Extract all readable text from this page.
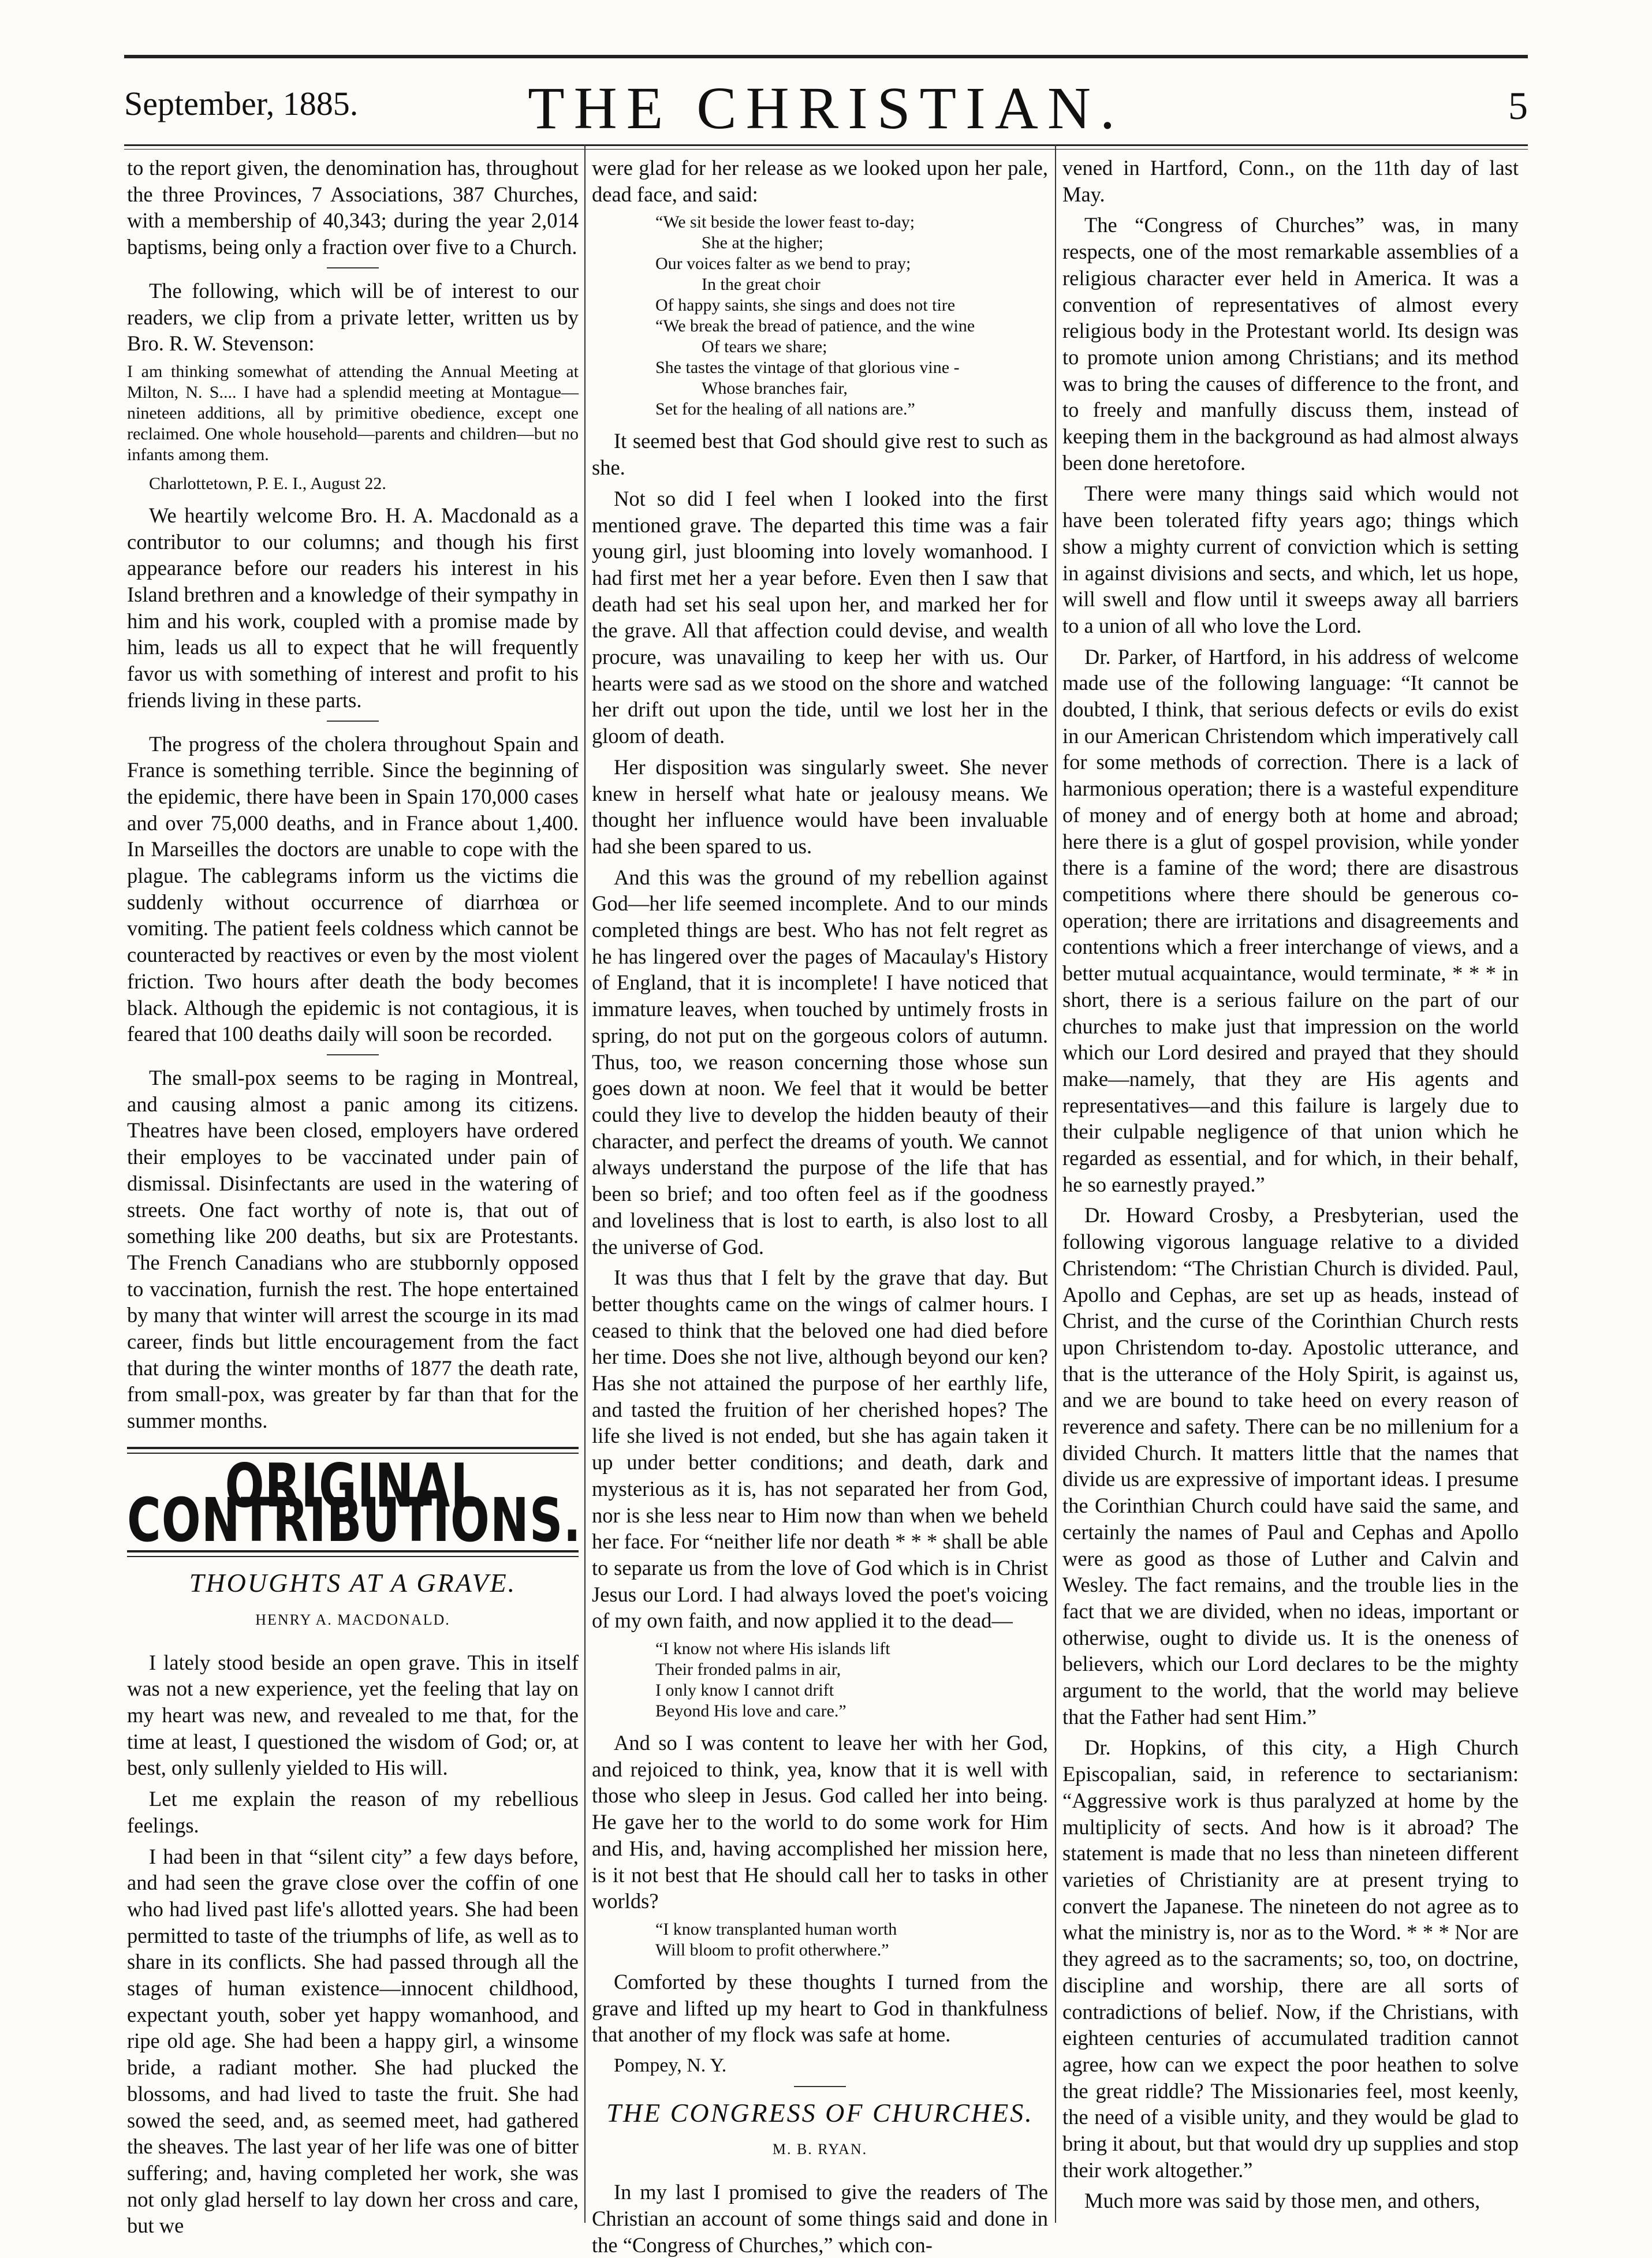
September, 1885.	THE CHRISTIAN.	5

to the report given, the denomination has, throughout the three Provinces, 7 Associations, 387 Churches, with a membership of 40,343; during the year 2,014 baptisms, being only a fraction over five to a Church.

The following, which will be of interest to our readers, we clip from a private letter, written us by Bro. R. W. Stevenson:

I am thinking somewhat of attending the Annual Meeting at Milton, N. S.... I have had a splendid meeting at Montague—nineteen additions, all by primitive obedience, except one reclaimed. One whole household—parents and children—but no infants among them.

Charlottetown, P. E. I., August 22.

We heartily welcome Bro. H. A. Macdonald as a contributor to our columns; and though his first appearance before our readers his interest in his Island brethren and a knowledge of their sympathy in him and his work, coupled with a promise made by him, leads us all to expect that he will frequently favor us with something of interest and profit to his friends living in these parts.

The progress of the cholera throughout Spain and France is something terrible. Since the beginning of the epidemic, there have been in Spain 170,000 cases and over 75,000 deaths, and in France about 1,400. In Marseilles the doctors are unable to cope with the plague. The cablegrams inform us the victims die suddenly without occurrence of diarrhœa or vomiting. The patient feels coldness which cannot be counteracted by reactives or even by the most violent friction. Two hours after death the body becomes black. Although the epidemic is not contagious, it is feared that 100 deaths daily will soon be recorded.

The small-pox seems to be raging in Montreal, and causing almost a panic among its citizens. Theatres have been closed, employers have ordered their employes to be vaccinated under pain of dismissal. Disinfectants are used in the watering of streets. One fact worthy of note is, that out of something like 200 deaths, but six are Protestants. The French Canadians who are stubbornly opposed to vaccination, furnish the rest. The hope entertained by many that winter will arrest the scourge in its mad career, finds but little encouragement from the fact that during the winter months of 1877 the death rate, from small-pox, was greater by far than that for the summer months.

ORIGINAL CONTRIBUTIONS.
THOUGHTS AT A GRAVE.
HENRY A. MACDONALD.

I lately stood beside an open grave. This in itself was not a new experience, yet the feeling that lay on my heart was new, and revealed to me that, for the time at least, I questioned the wisdom of God; or, at best, only sullenly yielded to His will.

Let me explain the reason of my rebellious feelings.

I had been in that “silent city” a few days before, and had seen the grave close over the coffin of one who had lived past life's allotted years. She had been permitted to taste of the triumphs of life, as well as to share in its conflicts. She had passed through all the stages of human existence—innocent childhood, expectant youth, sober yet happy womanhood, and ripe old age. She had been a happy girl, a winsome bride, a radiant mother. She had plucked the blossoms, and had lived to taste the fruit. She had sowed the seed, and, as seemed meet, had gathered the sheaves. The last year of her life was one of bitter suffering; and, having completed her work, she was not only glad herself to lay down her cross and care, but we

were glad for her release as we looked upon her pale, dead face, and said:

“We sit beside the lower feast to-day;
She at the higher;
Our voices falter as we bend to pray;
In the great choir
Of happy saints, she sings and does not tire
“We break the bread of patience, and the wine
Of tears we share;
She tastes the vintage of that glorious vine -
Whose branches fair,
Set for the healing of all nations are.”

It seemed best that God should give rest to such as she.

Not so did I feel when I looked into the first mentioned grave. The departed this time was a fair young girl, just blooming into lovely womanhood. I had first met her a year before. Even then I saw that death had set his seal upon her, and marked her for the grave. All that affection could devise, and wealth procure, was unavailing to keep her with us. Our hearts were sad as we stood on the shore and watched her drift out upon the tide, until we lost her in the gloom of death.

Her disposition was singularly sweet. She never knew in herself what hate or jealousy means. We thought her influence would have been invaluable had she been spared to us.

And this was the ground of my rebellion against God—her life seemed incomplete. And to our minds completed things are best. Who has not felt regret as he has lingered over the pages of Macaulay's History of England, that it is incomplete! I have noticed that immature leaves, when touched by untimely frosts in spring, do not put on the gorgeous colors of autumn. Thus, too, we reason concerning those whose sun goes down at noon. We feel that it would be better could they live to develop the hidden beauty of their character, and perfect the dreams of youth. We cannot always understand the purpose of the life that has been so brief; and too often feel as if the goodness and loveliness that is lost to earth, is also lost to all the universe of God.

It was thus that I felt by the grave that day. But better thoughts came on the wings of calmer hours. I ceased to think that the beloved one had died before her time. Does she not live, although beyond our ken? Has she not attained the purpose of her earthly life, and tasted the fruition of her cherished hopes? The life she lived is not ended, but she has again taken it up under better conditions; and death, dark and mysterious as it is, has not separated her from God, nor is she less near to Him now than when we beheld her face. For “neither life nor death * * * shall be able to separate us from the love of God which is in Christ Jesus our Lord. I had always loved the poet's voicing of my own faith, and now applied it to the dead—

“I know not where His islands lift
Their fronded palms in air,
I only know I cannot drift
Beyond His love and care.”

And so I was content to leave her with her God, and rejoiced to think, yea, know that it is well with those who sleep in Jesus. God called her into being. He gave her to the world to do some work for Him and His, and, having accomplished her mission here, is it not best that He should call her to tasks in other worlds?

“I know transplanted human worth
Will bloom to profit otherwhere.”

Comforted by these thoughts I turned from the grave and lifted up my heart to God in thankfulness that another of my flock was safe at home.

Pompey, N. Y.
THE CONGRESS OF CHURCHES.
M. B. RYAN.

In my last I promised to give the readers of The Christian an account of some things said and done in the “Congress of Churches,” which con-

vened in Hartford, Conn., on the 11th day of last May.

The “Congress of Churches” was, in many respects, one of the most remarkable assemblies of a religious character ever held in America. It was a convention of representatives of almost every religious body in the Protestant world. Its design was to promote union among Christians; and its method was to bring the causes of difference to the front, and to freely and manfully discuss them, instead of keeping them in the background as had almost always been done heretofore.

There were many things said which would not have been tolerated fifty years ago; things which show a mighty current of conviction which is setting in against divisions and sects, and which, let us hope, will swell and flow until it sweeps away all barriers to a union of all who love the Lord.

Dr. Parker, of Hartford, in his address of welcome made use of the following language: “It cannot be doubted, I think, that serious defects or evils do exist in our American Christendom which imperatively call for some methods of correction. There is a lack of harmonious operation; there is a wasteful expenditure of money and of energy both at home and abroad; here there is a glut of gospel provision, while yonder there is a famine of the word; there are disastrous competitions where there should be generous co-operation; there are irritations and disagreements and contentions which a freer interchange of views, and a better mutual acquaintance, would terminate, * * * in short, there is a serious failure on the part of our churches to make just that impression on the world which our Lord desired and prayed that they should make—namely, that they are His agents and representatives—and this failure is largely due to their culpable negligence of that union which he regarded as essential, and for which, in their behalf, he so earnestly prayed.”

Dr. Howard Crosby, a Presbyterian, used the following vigorous language relative to a divided Christendom: “The Christian Church is divided. Paul, Apollo and Cephas, are set up as heads, instead of Christ, and the curse of the Corinthian Church rests upon Christendom to-day. Apostolic utterance, and that is the utterance of the Holy Spirit, is against us, and we are bound to take heed on every reason of reverence and safety. There can be no millenium for a divided Church. It matters little that the names that divide us are expressive of important ideas. I presume the Corinthian Church could have said the same, and certainly the names of Paul and Cephas and Apollo were as good as those of Luther and Calvin and Wesley. The fact remains, and the trouble lies in the fact that we are divided, when no ideas, important or otherwise, ought to divide us. It is the oneness of believers, which our Lord declares to be the mighty argument to the world, that the world may believe that the Father had sent Him.”

Dr. Hopkins, of this city, a High Church Episcopalian, said, in reference to sectarianism: “Aggressive work is thus paralyzed at home by the multiplicity of sects. And how is it abroad? The statement is made that no less than nineteen different varieties of Christianity are at present trying to convert the Japanese. The nineteen do not agree as to what the ministry is, nor as to the Word. * * * Nor are they agreed as to the sacraments; so, too, on doctrine, discipline and worship, there are all sorts of contradictions of belief. Now, if the Christians, with eighteen centuries of accumulated tradition cannot agree, how can we expect the poor heathen to solve the great riddle? The Missionaries feel, most keenly, the need of a visible unity, and they would be glad to bring it about, but that would dry up supplies and stop their work altogether.”

Much more was said by those men, and others,
